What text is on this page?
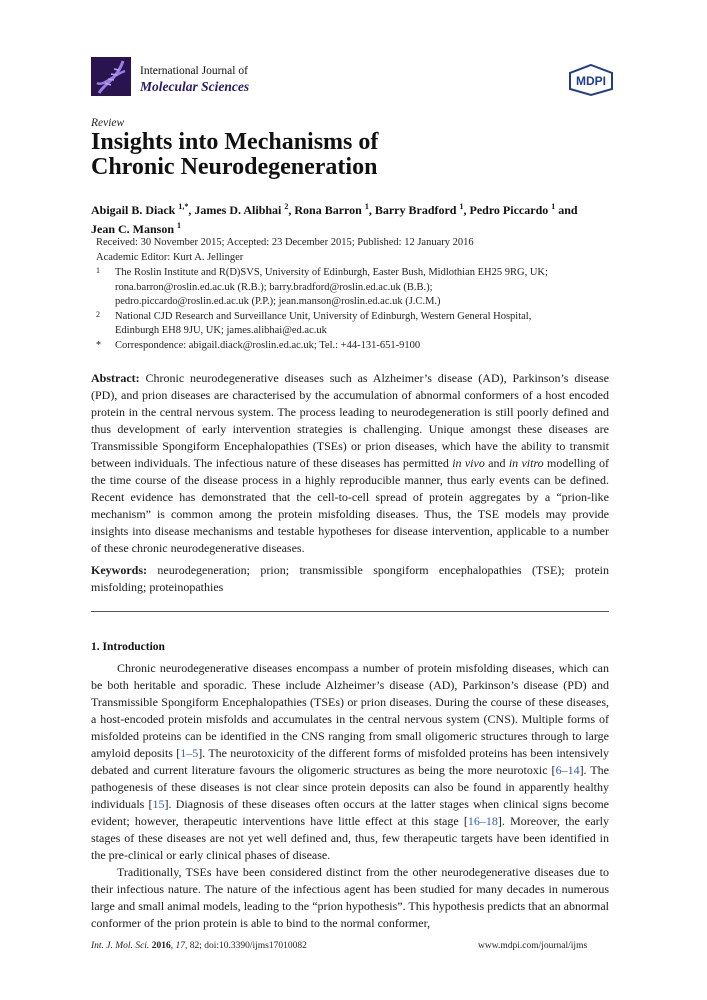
International Journal of
Molecular Sciences	MDPI
Review
Insights into Mechanisms of
Chronic Neurodegeneration
Abigail B. Diack $^{1,*}$, James D. Alibhai $^2$, Rona Barron $^1$, Barry Bradford $^1$, Pedro Piccardo $^1$ and
Jean C. Manson $^1$
Received: 30 November 2015; Accepted: 23 December 2015; Published: 12 January 2016
Academic Editor: Kurt A. Jellinger
1 The Roslin Institute and R(D)SVS, University of Edinburgh, Easter Bush, Midlothian EH25 9RG, UK;
rona.barron@roslin.ed.ac.uk (R.B.); barry.bradford@roslin.ed.ac.uk (B.B.);
pedro.piccardo@roslin.ed.ac.uk (P.P.); jean.manson@roslin.ed.ac.uk (J.C.M.)
2 National CJD Research and Surveillance Unit, University of Edinburgh, Western General Hospital,
Edinburgh EH8 9JU, UK; james.alibhai@ed.ac.uk
* Correspondence: abigail.diack@roslin.ed.ac.uk; Tel.: +44-131-651-9100
Abstract: Chronic neurodegenerative diseases such as Alzheimer’s disease (AD), Parkinson’s disease (PD), and prion diseases are characterised by the accumulation of abnormal conformers of a host encoded protein in the central nervous system. The process leading to neurodegeneration is still poorly defined and thus development of early intervention strategies is challenging. Unique amongst these diseases are Transmissible Spongiform Encephalopathies (TSEs) or prion diseases, which have the ability to transmit between individuals. The infectious nature of these diseases has permitted in vivo and in vitro modelling of the time course of the disease process in a highly reproducible manner, thus early events can be defined. Recent evidence has demonstrated that the cell-to-cell spread of protein aggregates by a “prion-like mechanism” is common among the protein misfolding diseases. Thus, the TSE models may provide insights into disease mechanisms and testable hypotheses for disease intervention, applicable to a number of these chronic neurodegenerative diseases.
Keywords: neurodegeneration; prion; transmissible spongiform encephalopathies (TSE); protein misfolding; proteinopathies
1. Introduction

Chronic neurodegenerative diseases encompass a number of protein misfolding diseases, which can be both heritable and sporadic. These include Alzheimer’s disease (AD), Parkinson’s disease (PD) and Transmissible Spongiform Encephalopathies (TSEs) or prion diseases. During the course of these diseases, a host-encoded protein misfolds and accumulates in the central nervous system (CNS). Multiple forms of misfolded proteins can be identified in the CNS ranging from small oligomeric structures through to large amyloid deposits [1–5]. The neurotoxicity of the different forms of misfolded proteins has been intensively debated and current literature favours the oligomeric structures as being the more neurotoxic [6–14]. The pathogenesis of these diseases is not clear since protein deposits can also be found in apparently healthy individuals [15]. Diagnosis of these diseases often occurs at the latter stages when clinical signs become evident; however, therapeutic interventions have little effect at this stage [16–18]. Moreover, the early stages of these diseases are not yet well defined and, thus, few therapeutic targets have been identified in the pre-clinical or early clinical phases of disease.

Traditionally, TSEs have been considered distinct from the other neurodegenerative diseases due to their infectious nature. The nature of the infectious agent has been studied for many decades in numerous large and small animal models, leading to the “prion hypothesis”. This hypothesis predicts that an abnormal conformer of the prion protein is able to bind to the normal conformer,

Int. J. Mol. Sci. 2016, 17, 82; doi:10.3390/ijms17010082	www.mdpi.com/journal/ijms
